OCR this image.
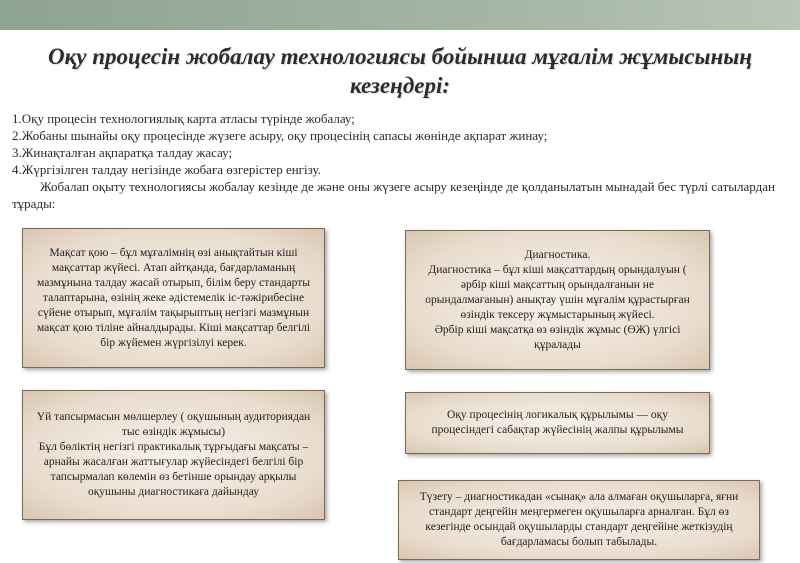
Оқу процесін жобалау технологиясы бойынша мұғалім жұмысының кезеңдері:

1.Оқу процесін технологиялық карта атласы түрінде жобалау;

2.Жобаны шынайы оқу процесінде жүзеге асыру, оқу процесінің сапасы жөнінде ақпарат жинау;

3.Жинақталған ақпаратқа талдау жасау;

4.Жүргізілген талдау негізінде жобаға өзгерістер енгізу.

Жобалап оқыту технологиясы жобалау кезінде де және оны жүзеге асыру кезеңінде де қолданылатын мынадай бес түрлі сатылардан тұрады:

Мақсат қою – бұл мұғалімнің өзі анықтайтын кіші мақсаттар жүйесі. Атап айтқанда, бағдарламаның мазмұнына талдау жасай отырып, білім беру стандарты талаптарына, өзінің жеке әдістемелік іс-тәжірибесіне сүйене отырып, мұғалім тақырыптың негізгі мазмұнын мақсат қою тіліне айналдырады. Кіші мақсаттар белгілі бір жүйемен жүргізілуі керек.
Диагностика.
Диагностика – бұл кіші мақсаттардың орындалуын ( әрбір кіші мақсаттың орындалғанын не орындалмағанын) анықтау үшін мұғалім құрастырған өзіндік тексеру жұмыстарының жүйесі.
Әрбір кіші мақсатқа өз өзіндік жұмыс (ӨЖ) үлгісі құралады
Үй тапсырмасын мөлшерлеу ( оқушының аудиториядан тыс өзіндік жұмысы)
Бұл бөліктің негізгі практикалық тұрғыдағы мақсаты – арнайы жасалған жаттығулар жүйесіндегі белгілі бір тапсырмалап көлемін өз бетінше орындау арқылы оқушыны диагностикаға дайындау
Оқу процесінің логикалық құрылымы — оқу процесіндегі сабақтар жүйесінің жалпы құрылымы
Түзету – диагностикадан «сынақ» ала алмаған оқушыларға, яғни стандарт деңгейін меңгермеген оқушыларға арналған. Бұл өз кезегінде осындай оқушыларды стандарт деңгейіне жеткізудің бағдарламасы болып табылады.
